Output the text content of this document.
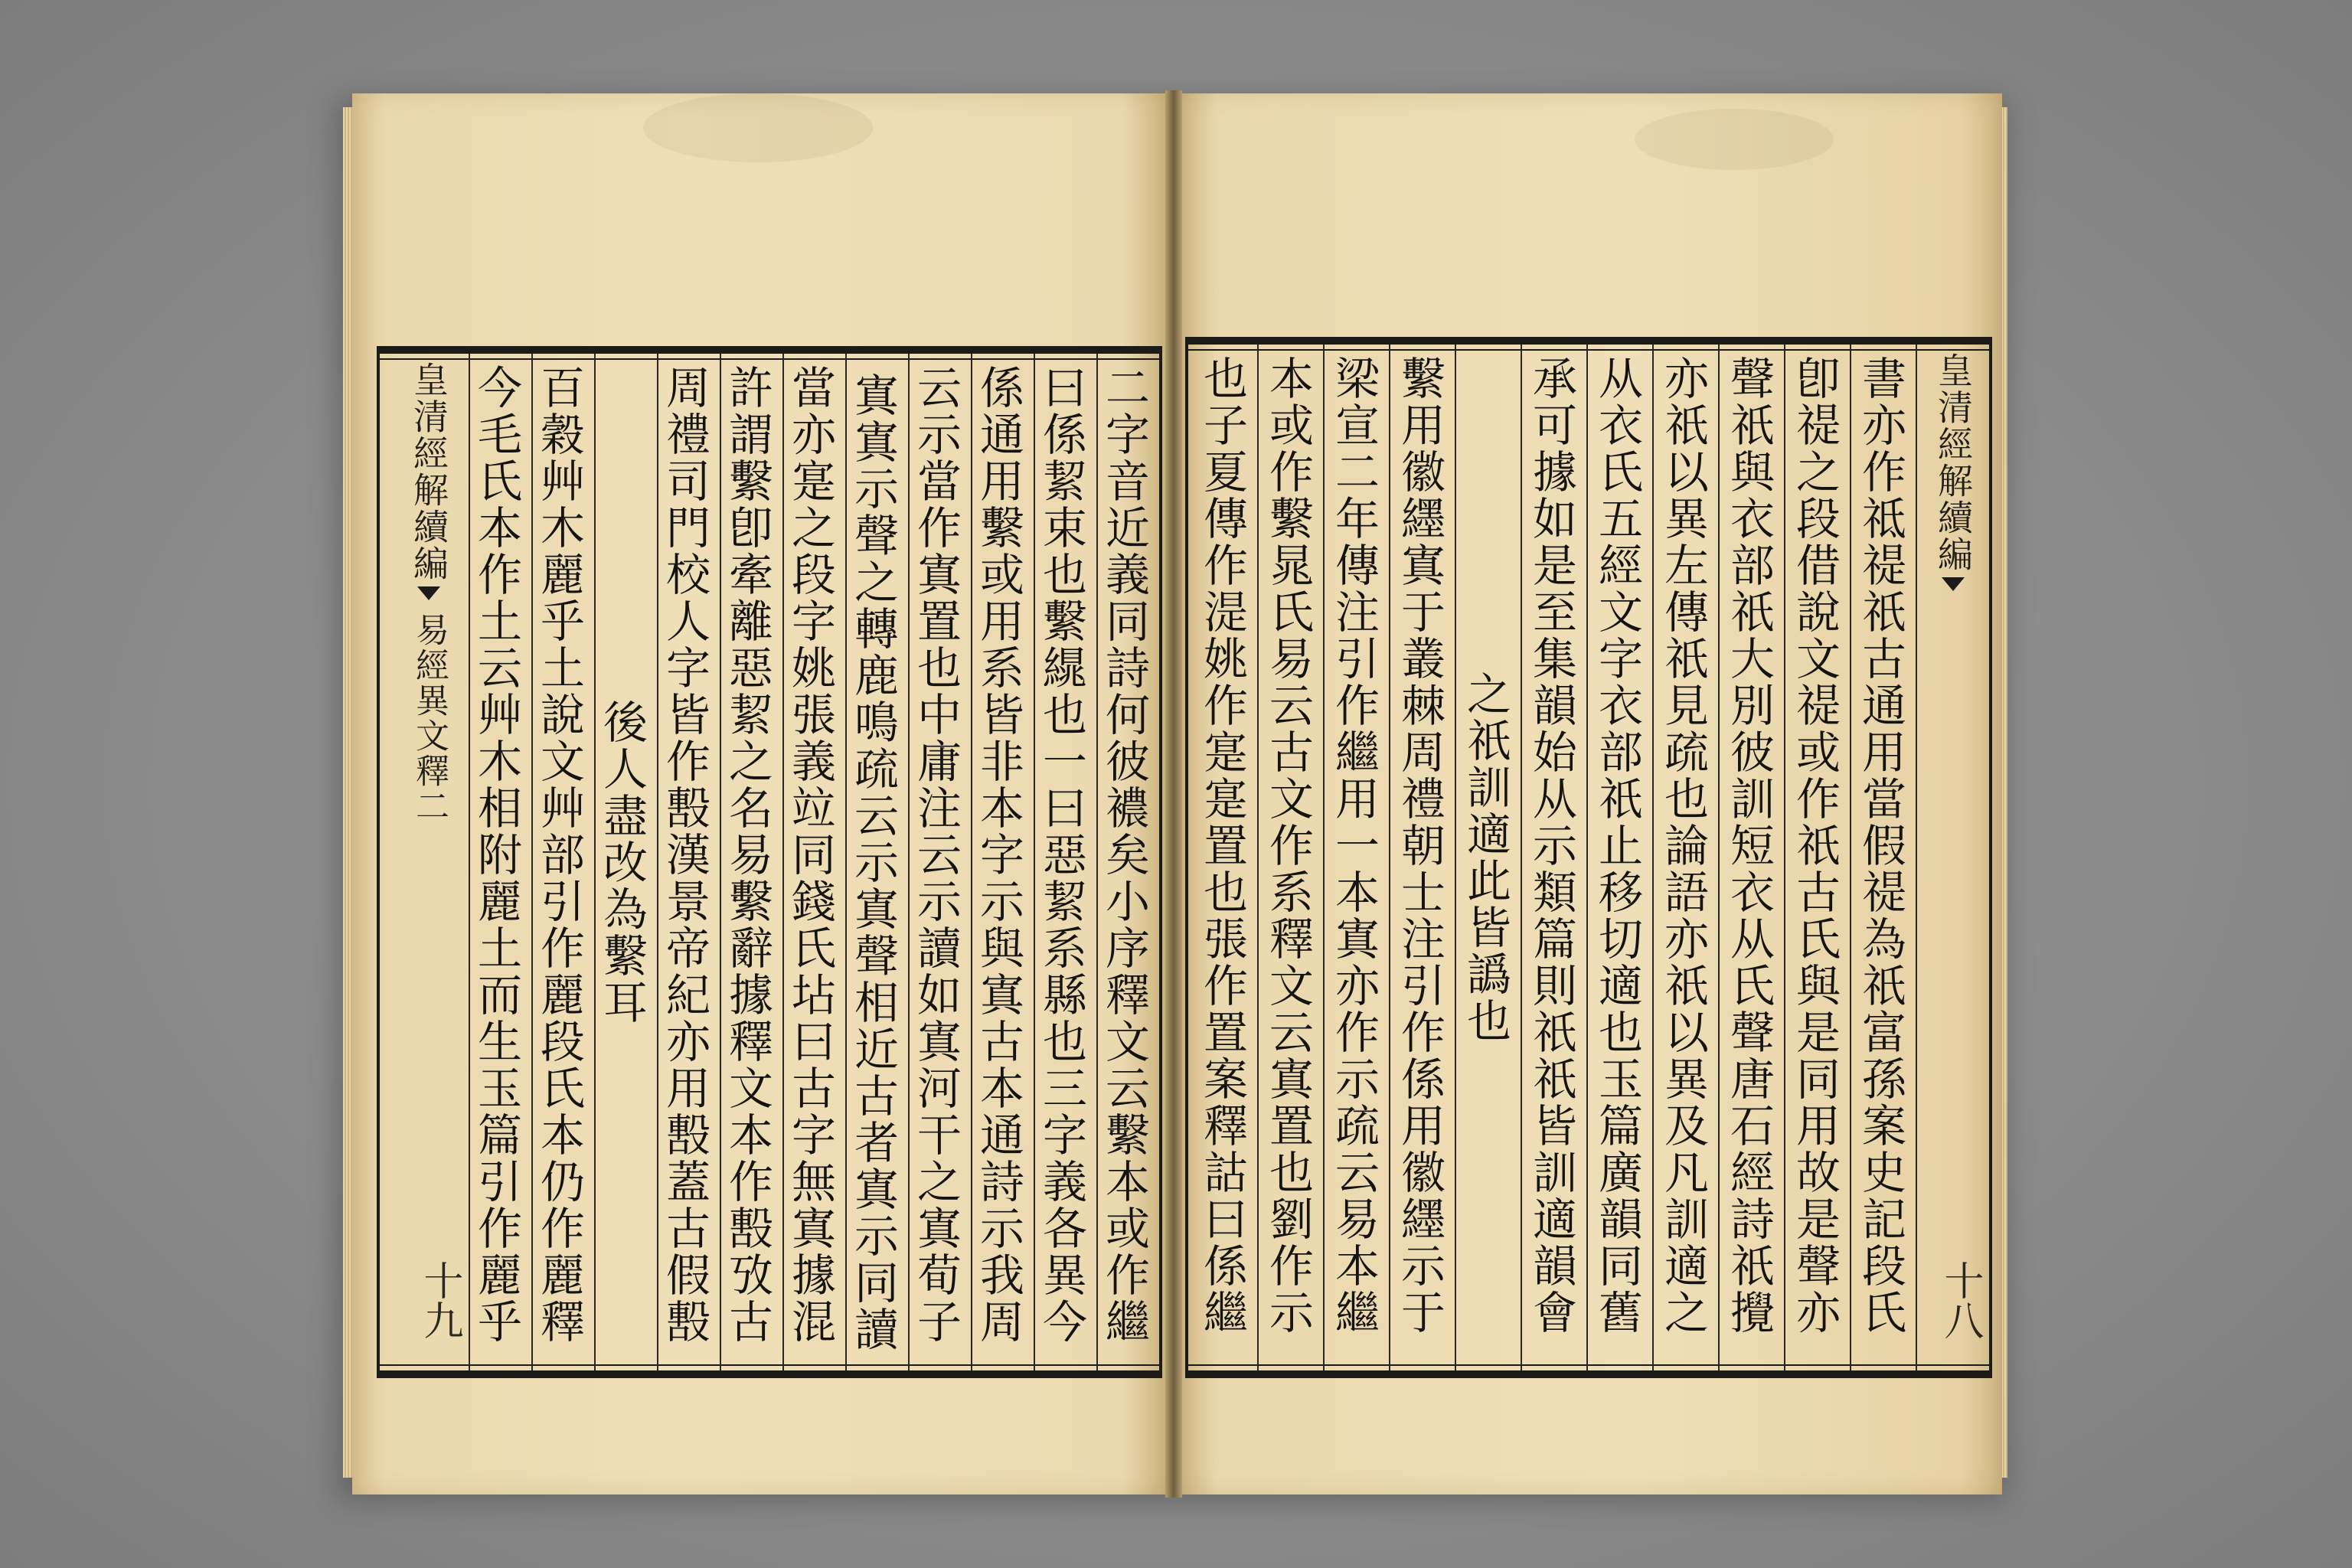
二字音近義同詩何彼襛矣小序釋文云繫本或作繼
曰係絜束也繫繉也一曰惡絜系縣也三字義各異今
係通用繫或用系皆非本字示與寘古本通詩示我周
云示當作寘置也中庸注云示讀如寘河干之寘荀子
寘寘示聲之轉鹿鳴疏云示寘聲相近古者寘示同讀
當亦寔之段字姚張義竝同錢氏坫曰古字無寘據混
許謂繫卽牽離惡絜之名易繫辭據釋文本作毄攷古
周禮司門校人字皆作毄漢景帝紀亦用毄蓋古假毄
後人盡改為繫耳
百穀艸木麗乎土說文艸部引作麗段氏本仍作麗釋
今毛氏本作土云艸木相附麗土而生玉篇引作麗乎
皇清經解續編
易經異文釋二
十九
皇清經解續編
十八
書亦作祗禔祇古通用當假禔為祇富孫案史記段氏
卽禔之段借說文禔或作祇古氏與是同用故是聲亦
聲祇與衣部祇大別彼訓短衣从氏聲唐石經詩祇攪
亦祇以異左傳祇見疏也論語亦祇以異及凡訓適之
从衣氏五經文字衣部祇止移切適也玉篇廣韻同舊
承可據如是至集韻始从示類篇則祇祇皆訓適韻會
之祇訓適此皆譌也
繫用徽纆寘于叢棘周禮朝士注引作係用徽纆示于
梁宣二年傳注引作繼用一本寘亦作示疏云易本繼
本或作繫晁氏易云古文作系釋文云寘置也劉作示
也子夏傳作湜姚作寔寔置也張作置案釋詁曰係繼
